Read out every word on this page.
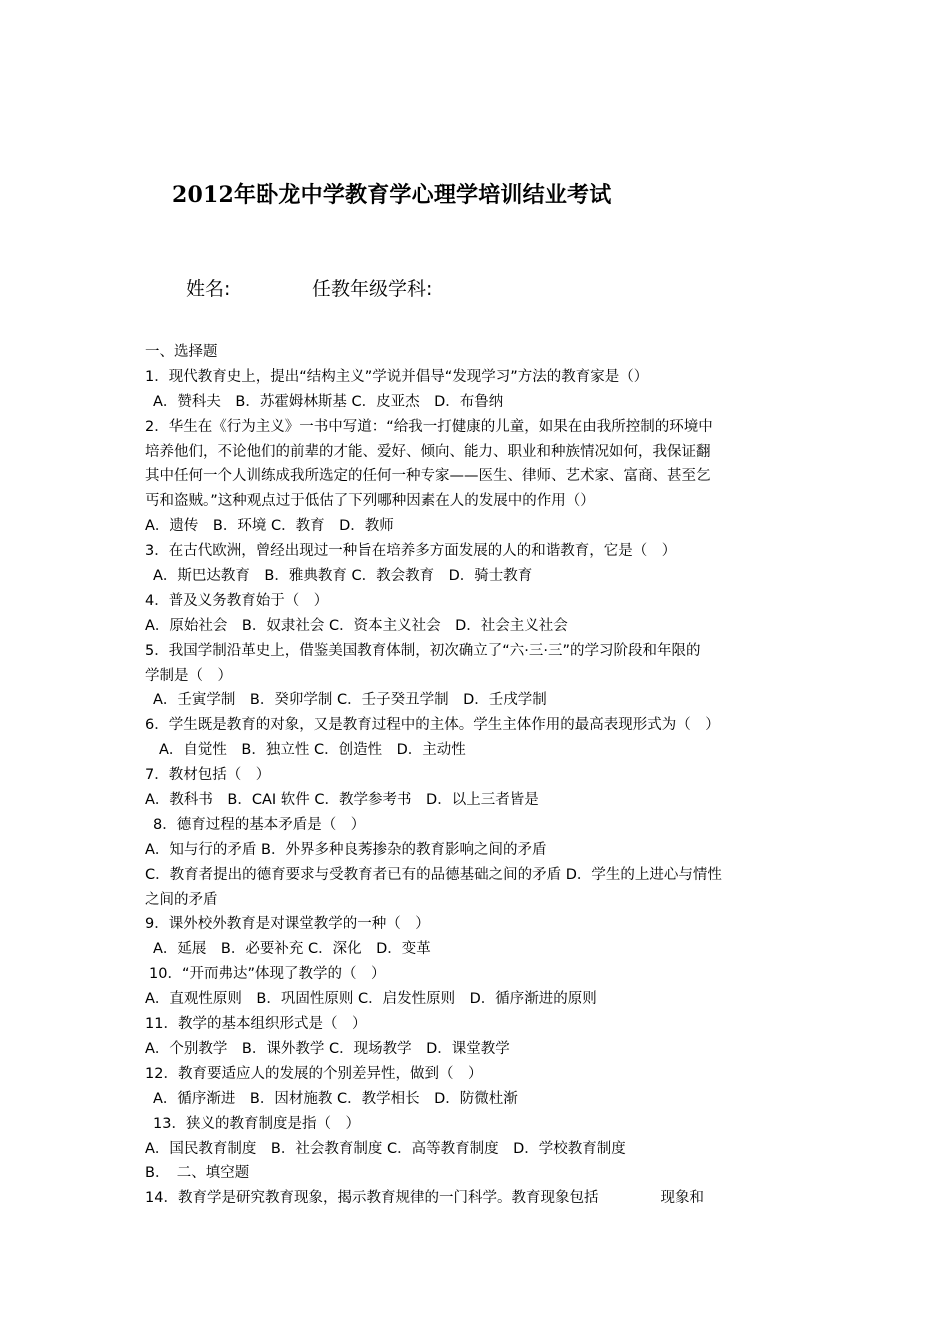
2012年卧龙中学教育学心理学培训结业考试
姓名:	任教年级学科:
一、选择题
1．现代教育史上，提出“结构主义”学说并倡导“发现学习”方法的教育家是（）
A．赞科夫　B．苏霍姆林斯基 C．皮亚杰　D．布鲁纳
2．华生在《行为主义》一书中写道：“给我一打健康的儿童，如果在由我所控制的环境中
培养他们，不论他们的前辈的才能、爱好、倾向、能力、职业和种族情况如何，我保证翻
其中任何一个人训练成我所选定的任何一种专家——医生、律师、艺术家、富商、甚至乞
丐和盗贼。”这种观点过于低估了下列哪种因素在人的发展中的作用（）
A．遗传　B．环境 C．教育　D．教师
3．在古代欧洲，曾经出现过一种旨在培养多方面发展的人的和谐教育，它是（　）
A．斯巴达教育　B．雅典教育 C．教会教育　D．骑士教育
4．普及义务教育始于（　）
A．原始社会　B．奴隶社会 C．资本主义社会　D．社会主义社会
5．我国学制沿革史上，借鉴美国教育体制，初次确立了“六·三·三”的学习阶段和年限的
学制是（　）
A．壬寅学制　B．癸卯学制 C．壬子癸丑学制　D．壬戌学制
6．学生既是教育的对象，又是教育过程中的主体。学生主体作用的最高表现形式为（　）
A．自觉性　B．独立性 C．创造性　D．主动性
7．教材包括（　）
A．教科书　B．CAI 软件 C．教学参考书　D．以上三者皆是
8．德育过程的基本矛盾是（　）
A．知与行的矛盾 B．外界多种良莠掺杂的教育影响之间的矛盾
C．教育者提出的德育要求与受教育者已有的品德基础之间的矛盾 D．学生的上进心与情性
之间的矛盾
9．课外校外教育是对课堂教学的一种（　）
A．延展　B．必要补充 C．深化　D．变革
10．“开而弗达”体现了教学的（　）
A．直观性原则　B．巩固性原则 C．启发性原则　D．循序渐进的原则
11．教学的基本组织形式是（　）
A．个别教学　B．课外教学 C．现场教学　D．课堂教学
12．教育要适应人的发展的个别差异性，做到（　）
A．循序渐进　B．因材施教 C．教学相长　D．防微杜渐
13．狭义的教育制度是指（　）
A．国民教育制度　B．社会教育制度 C．高等教育制度　D．学校教育制度
B．　二、填空题
14．教育学是研究教育现象，揭示教育规律的一门科学。教育现象包括	现象和
